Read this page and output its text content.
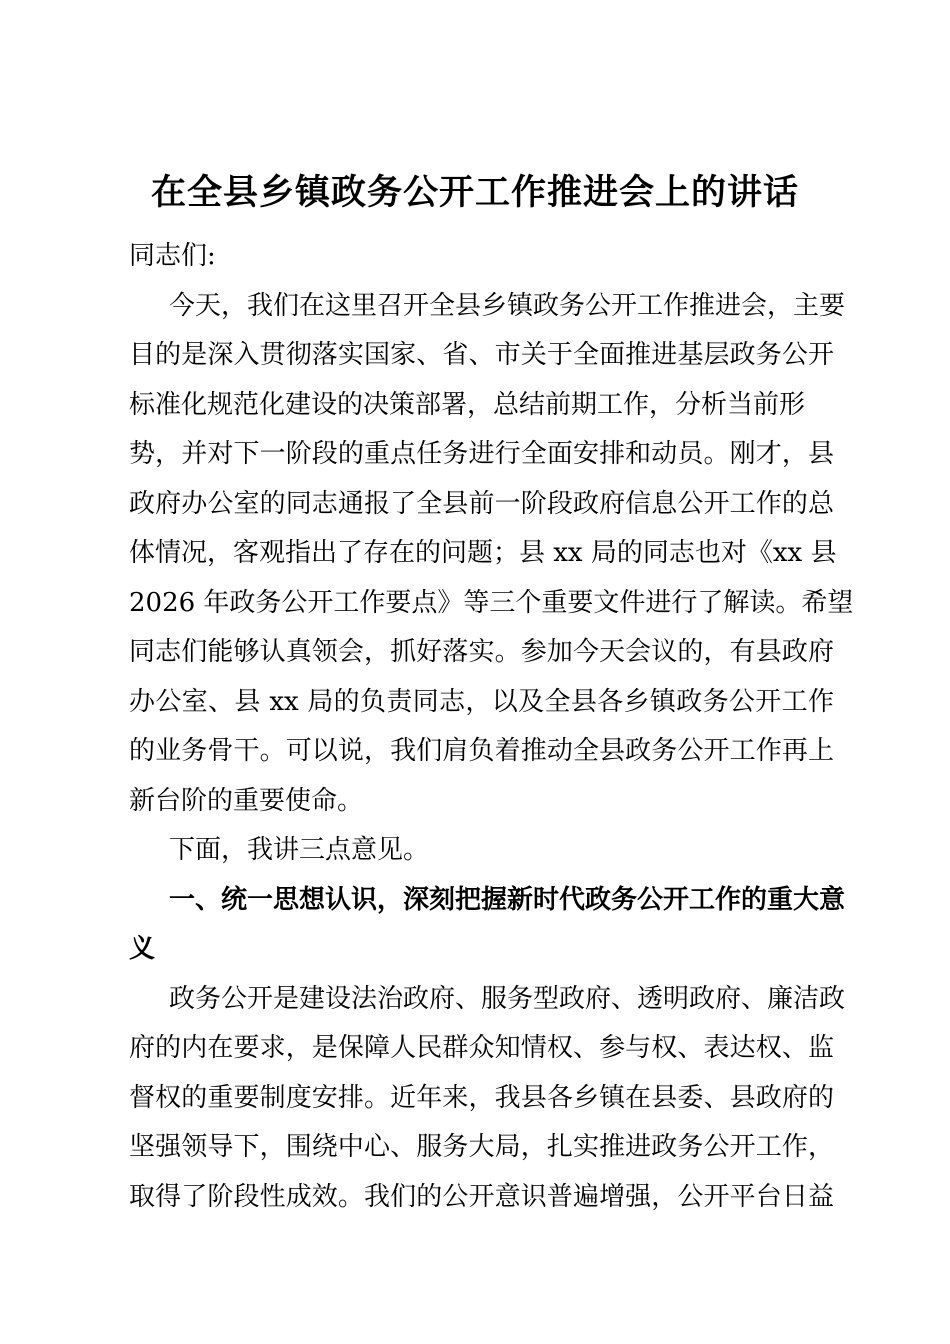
在全县乡镇政务公开工作推进会上的讲话
同志们:
今天，我们在这里召开全县乡镇政务公开工作推进会，主要
目的是深入贯彻落实国家、省、市关于全面推进基层政务公开
标准化规范化建设的决策部署，总结前期工作，分析当前形
势，并对下一阶段的重点任务进行全面安排和动员。刚才，县
政府办公室的同志通报了全县前一阶段政府信息公开工作的总
体情况，客观指出了存在的问题；县 xx 局的同志也对《xx 县
2026 年政务公开工作要点》等三个重要文件进行了解读。希望
同志们能够认真领会，抓好落实。参加今天会议的，有县政府
办公室、县 xx 局的负责同志，以及全县各乡镇政务公开工作
的业务骨干。可以说，我们肩负着推动全县政务公开工作再上
新台阶的重要使命。
下面，我讲三点意见。
一、统一思想认识，深刻把握新时代政务公开工作的重大意
义
政务公开是建设法治政府、服务型政府、透明政府、廉洁政
府的内在要求，是保障人民群众知情权、参与权、表达权、监
督权的重要制度安排。近年来，我县各乡镇在县委、县政府的
坚强领导下，围绕中心、服务大局，扎实推进政务公开工作，
取得了阶段性成效。我们的公开意识普遍增强，公开平台日益
